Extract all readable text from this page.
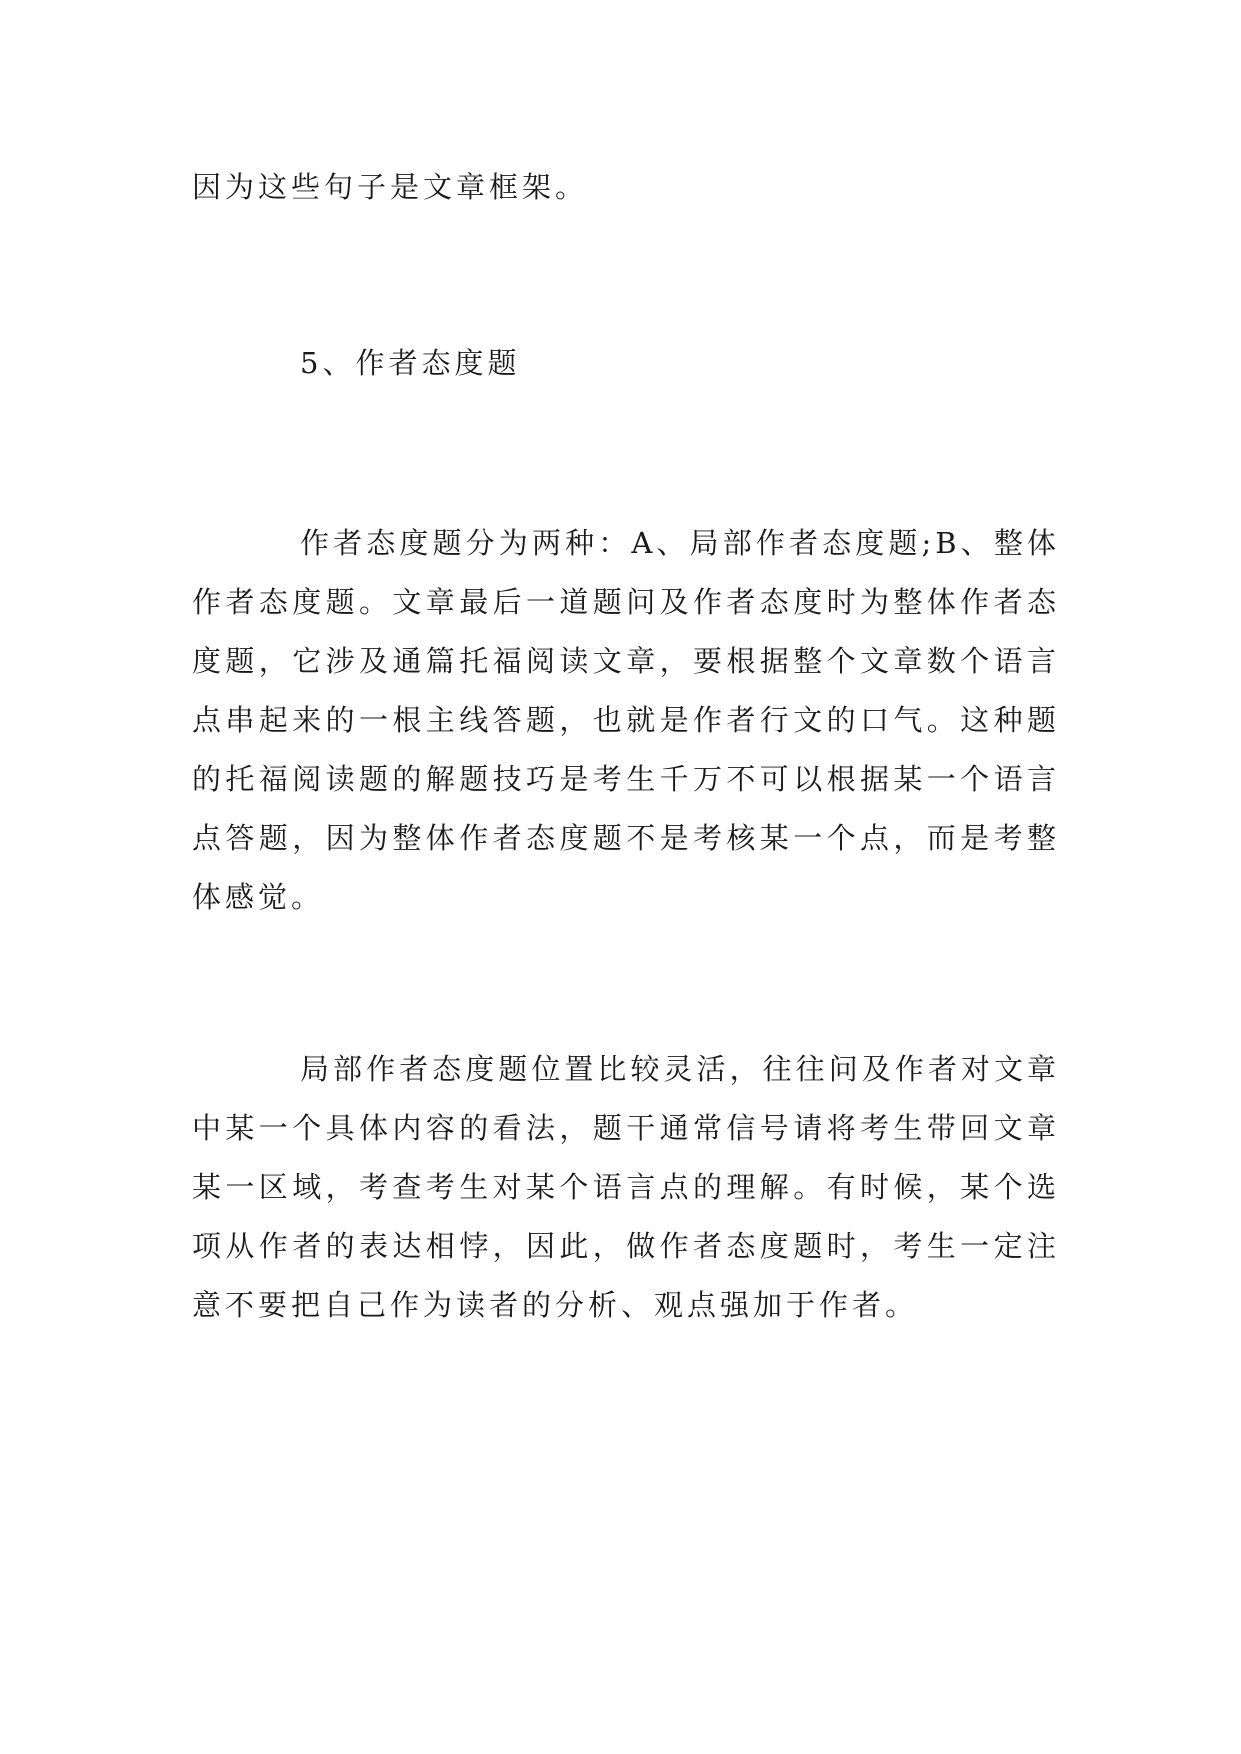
因为这些句子是文章框架。

5、作者态度题

作者态度题分为两种：A、局部作者态度题;B、整体作者态度题。文章最后一道题问及作者态度时为整体作者态度题，它涉及通篇托福阅读文章，要根据整个文章数个语言点串起来的一根主线答题，也就是作者行文的口气。这种题的托福阅读题的解题技巧是考生千万不可以根据某一个语言点答题，因为整体作者态度题不是考核某一个点，而是考整体感觉。

局部作者态度题位置比较灵活，往往问及作者对文章中某一个具体内容的看法，题干通常信号请将考生带回文章某一区域，考查考生对某个语言点的理解。有时候，某个选项从作者的表达相悖，因此，做作者态度题时，考生一定注意不要把自己作为读者的分析、观点强加于作者。
